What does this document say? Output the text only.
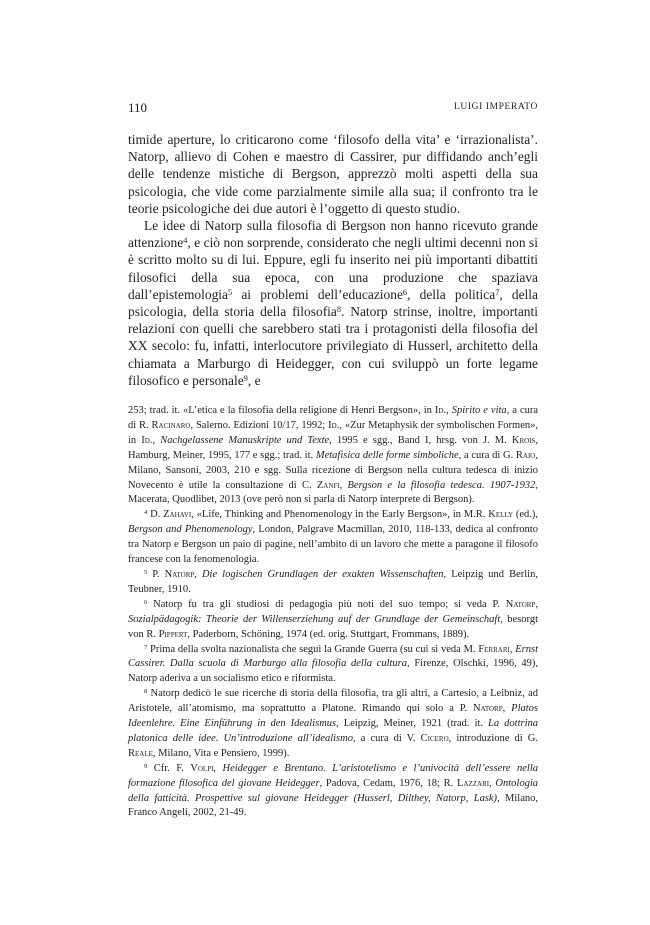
110	LUIGI IMPERATO

timide aperture, lo criticarono come ‘filosofo della vita’ e ‘irrazionalista’. Natorp, allievo di Cohen e maestro di Cassirer, pur diffidando anch’egli delle tendenze mistiche di Bergson, apprezzò molti aspetti della sua psicologia, che vide come parzialmente simile alla sua; il confronto tra le teorie psicologiche dei due autori è l’oggetto di questo studio.

Le idee di Natorp sulla filosofia di Bergson non hanno ricevuto grande attenzione$^4$, e ciò non sorprende, considerato che negli ultimi decenni non si è scritto molto su di lui. Eppure, egli fu inserito nei più importanti dibattiti filosofici della sua epoca, con una produzione che spaziava dall’epistemologia$^5$ ai problemi dell’educazione$^6$, della politica$^7$, della psicologia, della storia della filosofia$^8$. Natorp strinse, inoltre, importanti relazioni con quelli che sarebbero stati tra i protagonisti della filosofia del XX secolo: fu, infatti, interlocutore privilegiato di Husserl, architetto della chiamata a Marburgo di Heidegger, con cui sviluppò un forte legame filosofico e personale$^9$, e

253; trad. it. «L’etica e la filosofia della religione di Henri Bergson», in Id., Spirito e vita, a cura di R. Racinaro, Salerno. Edizioni 10/17, 1992; Id., «Zur Metaphysik der symbolischen Formen», in Id., Nachgelassene Manuskripte und Texte, 1995 e sgg., Band I, hrsg. von J. M. Krois, Hamburg, Meiner, 1995, 177 e sgg.; trad. it. Metafisica delle forme simboliche, a cura di G. Raio, Milano, Sansoni, 2003, 210 e sgg. Sulla ricezione di Bergson nella cultura tedesca di inizio Novecento è utile la consultazione di C. Zanfi, Bergson e la filosofia tedesca. 1907-1932, Macerata, Quodlibet, 2013 (ove però non si parla di Natorp interprete di Bergson).

$^4$ D. Zahavi, «Life, Thinking and Phenomenology in the Early Bergson», in M.R. Kelly (ed.), Bergson and Phenomenology, London, Palgrave Macmillan, 2010, 118-133, dedica al confronto tra Natorp e Bergson un paio di pagine, nell’ambito di un lavoro che mette a paragone il filosofo francese con la fenomenologia.

$^5$ P. Natorp, Die logischen Grundlagen der exakten Wissenschaften, Leipzig und Berlin, Teubner, 1910.

$^6$ Natorp fu tra gli studiosi di pedagogia più noti del suo tempo; si veda P. Natorp, Sozialpädagogik: Theorie der Willenserziehung auf der Grundlage der Gemeinschaft, besorgt von R. Pippert, Paderborn, Schöning, 1974 (ed. orig. Stuttgart, Frommans, 1889).

$^7$ Prima della svolta nazionalista che seguì la Grande Guerra (su cui si veda M. Ferrari, Ernst Cassirer. Dalla scuola di Marburgo alla filosofia della cultura, Firenze, Olschki, 1996, 49), Natorp aderiva a un socialismo etico e riformista.

$^8$ Natorp dedicò le sue ricerche di storia della filosofia, tra gli altri, a Cartesio, a Leibniz, ad Aristotele, all’atomismo, ma soprattutto a Platone. Rimando qui solo a P. Natorp, Platos Ideenlehre. Eine Einführung in den Idealismus, Leipzig, Meiner, 1921 (trad. it. La dottrina platonica delle idee. Un’introduzione all’idealismo, a cura di V. Cicero, introduzione di G. Reale, Milano, Vita e Pensiero, 1999).

$^9$ Cfr. F. Volpi, Heidegger e Brentano. L’aristotelismo e l’univocità dell’essere nella formazione filosofica del giovane Heidegger, Padova, Cedam, 1976, 18; R. Lazzari, Ontologia della fatticità. Prospettive sul giovane Heidegger (Husserl, Dilthey, Natorp, Lask), Milano, Franco Angeli, 2002, 21-49.
